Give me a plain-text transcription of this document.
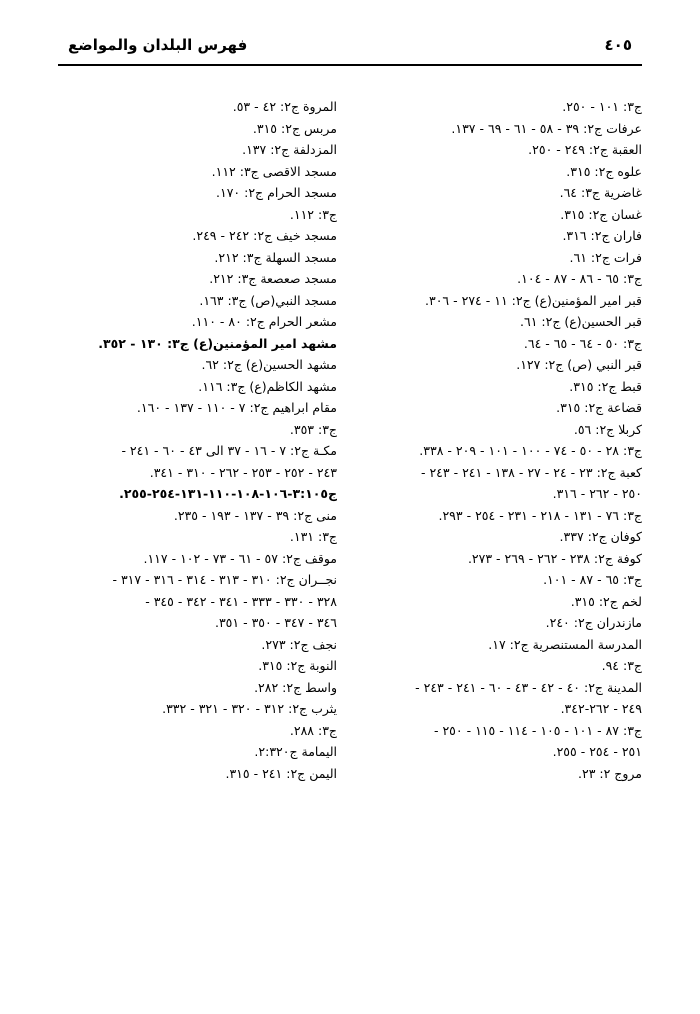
٤٠٥
فهرس البلدان والمواضع
ج٣: ١٠١ - ٢٥٠.
عرفات ج٢: ٣٩ - ٥٨ - ٦١ - ٦٩ - ١٣٧.
العقبة ج٢: ٢٤٩ - ٢٥٠.
علوه ج٢: ٣١٥.
غاضرية ج٣: ٦٤.
غسان ج٢: ٣١٥.
فاران ج٢: ٣١٦.
فرات ج٢: ٦١.
ج٣: ٦٥ - ٨٦ - ٨٧ - ١٠٤.
قبر امير المؤمنين(ع) ج٢: ١١ - ٢٧٤ - ٣٠٦.
قبر الحسين(ع) ج٢: ٦١.
ج٣: ٥٠ - ٦٤ - ٦٥ - ٦٤.
قبر النبي (ص) ج٢: ١٢٧.
قبط ج٢: ٣١٥.
قضاعة ج٢: ٣١٥.
كربلا ج٢: ٥٦.
ج٣: ٢٨ - ٥٠ - ٧٤ - ١٠٠ - ١٠١ - ٢٠٩ - ٣٣٨.
كعبة ج٢: ٢٣ - ٢٤ - ٢٧ - ١٣٨ - ٢٤١ - ٢٤٣ -
٢٥٠ - ٢٦٢ - ٣١٦.
ج٣: ٧٦ - ١٣١ - ٢١٨ - ٢٣١ - ٢٥٤ - ٢٩٣.
كوفان ج٢: ٣٣٧.
كوفة ج٢: ٢٣٨ - ٢٦٢ - ٢٦٩ - ٢٧٣.
ج٣: ٦٥ - ٨٧ - ١٠١.
لخم ج٢: ٣١٥.
مازندران ج٢: ٢٤٠.
المدرسة المستنصرية ج٢: ١٧.
ج٣: ٩٤.
المدينة ج٢: ٤٠ - ٤٢ - ٤٣ - ٦٠ - ٢٤١ - ٢٤٣ -
٢٤٩ - ٢٦٢-٣٤٢.
ج٣: ٨٧ - ١٠١ - ١٠٥ - ١١٤ - ١١٥ - ٢٥٠ -
٢٥١ - ٢٥٤ - ٢٥٥.
مروج ٢: ٢٣.
المروة ج٢: ٤٢ - ٥٣.
مربس ج٢: ٣١٥.
المزدلفة ج٢: ١٣٧.
مسجد الاقصى ج٣: ١١٢.
مسجد الحرام ج٢: ١٧٠.
ج٣: ١١٢.
مسجد خيف ج٢: ٢٤٢ - ٢٤٩.
مسجد السهلة ج٣: ٢١٢.
مسجد صعصعة ج٣: ٢١٢.
مسجد النبي(ص) ج٣: ١٦٣.
مشعر الحرام ج٢: ٨٠ - ١١٠.
مشهد امير المؤمنين(ع) ج٣: ١٣٠ - ٣٥٢.
مشهد الحسين(ع) ج٢: ٦٢.
مشهد الكاظم(ع) ج٣: ١١٦.
مقام ابراهيم ج٢: ٧ - ١١٠ - ١٣٧ - ١٦٠.
ج٣: ٣٥٣.
مكـة ج٢: ٧ - ١٦ - ٣٧ الى ٤٣ - ٦٠ - ٢٤١ -
٢٤٣ - ٢٥٢ - ٢٥٣ - ٢٦٢ - ٣١٠ - ٣٤١.
ج٣:١٠٥-١٠٦-١٠٨-١١٠-١٣١-٢٥٤-٢٥٥.
منى ج٢: ٣٩ - ١٣٧ - ١٩٣ - ٢٣٥.
ج٣: ١٣١.
موقف ج٢: ٥٧ - ٦١ - ٧٣ - ١٠٢ - ١١٧.
نجــران ج٢: ٣١٠ - ٣١٣ - ٣١٤ - ٣١٦ - ٣١٧ -
٣٢٨ - ٣٣٠ - ٣٣٣ - ٣٤١ - ٣٤٢ - ٣٤٥ -
٣٤٦ - ٣٤٧ - ٣٥٠ - ٣٥١.
نجف ج٢: ٢٧٣.
النوبة ج٢: ٣١٥.
واسط ج٢: ٢٨٢.
يثرب ج٢: ٣١٢ - ٣٢٠ - ٣٢١ - ٣٣٢.
ج٣: ٢٨٨.
اليمامة ج٢:٣٢٠.
اليمن ج٢: ٢٤١ - ٣١٥.
